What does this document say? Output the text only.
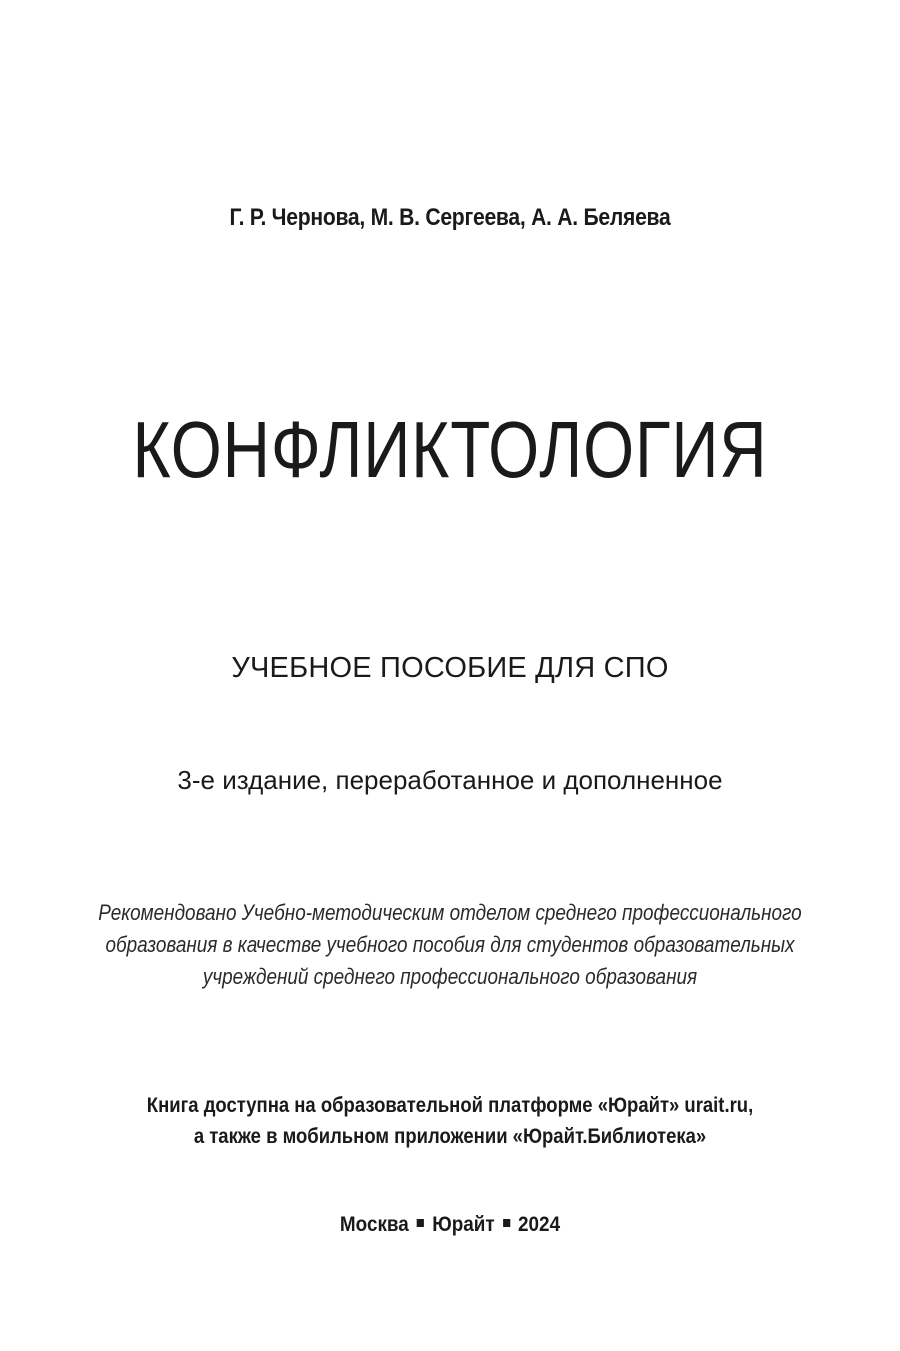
Г. Р. Чернова, М. В. Сергеева, А. А. Беляева
КОНФЛИКТОЛОГИЯ
УЧЕБНОЕ ПОСОБИЕ ДЛЯ СПО
3-е издание, переработанное и дополненное
Рекомендовано Учебно-методическим отделом среднего профессионального
образования в качестве учебного пособия для студентов образовательных
учреждений среднего профессионального образования
Книга доступна на образовательной платформе «Юрайт» urait.ru,
а также в мобильном приложении «Юрайт.Библиотека»
Москва Юрайт 2024
